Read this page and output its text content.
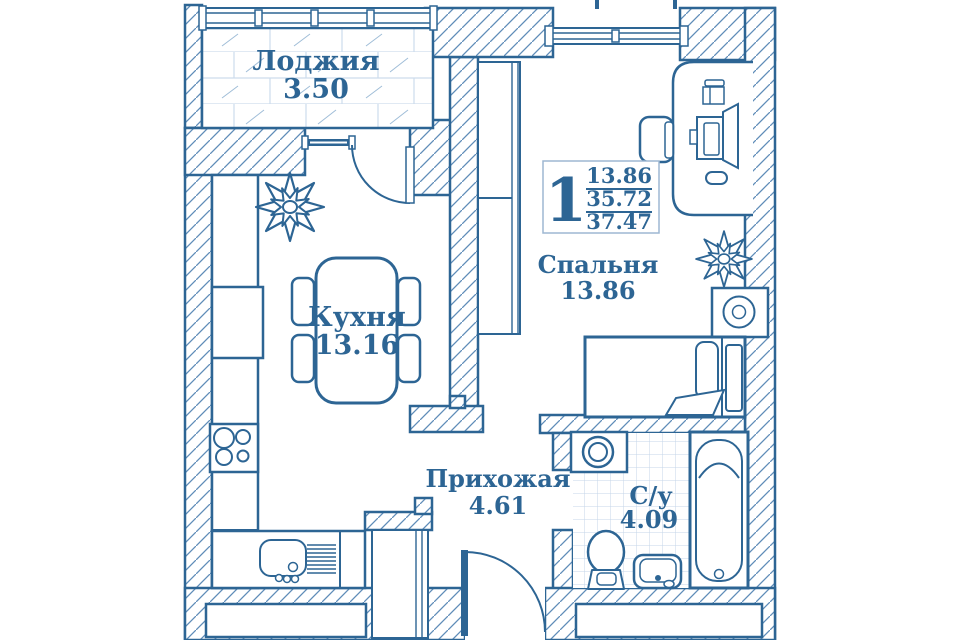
1 13.86
35.72
37.47
Лоджия
3.50
Кухня
13.16
Спальня
13.86
Прихожая
4.61	С/у
4.09
